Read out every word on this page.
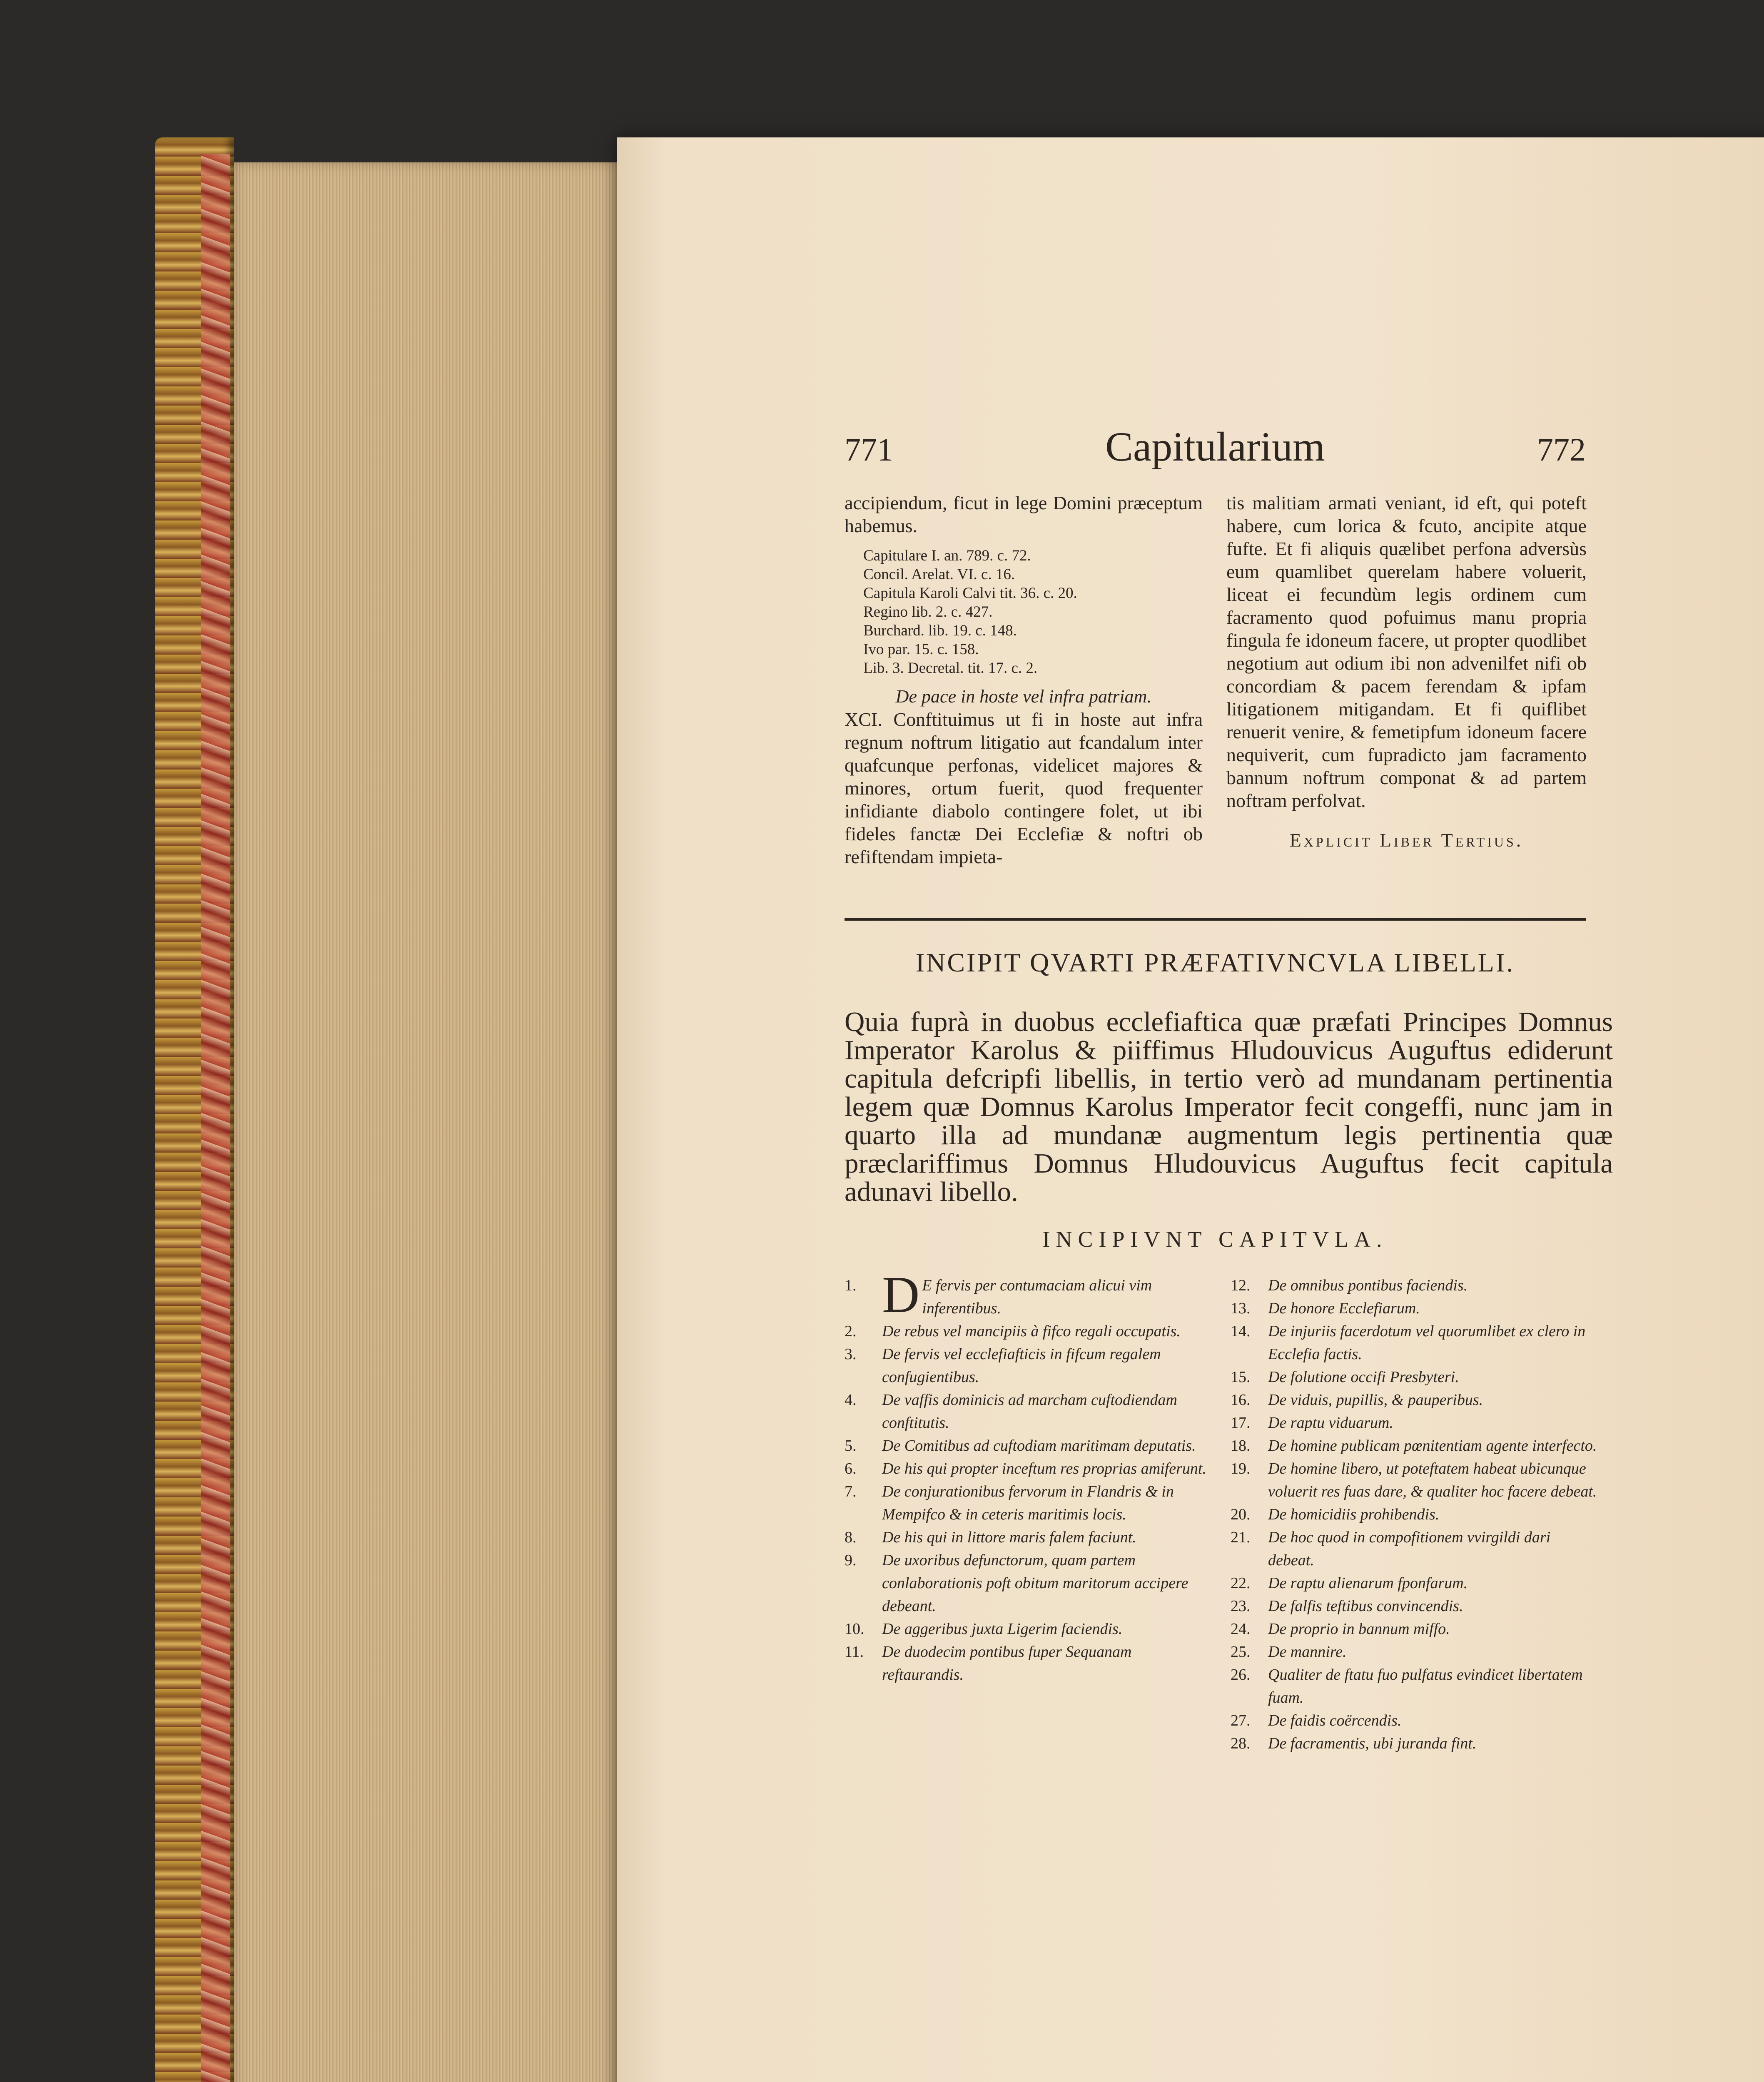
771	Capitularium	772
accipiendum, ficut in lege Domini præceptum habemus.
Capitulare I. an. 789. c. 72.
Concil. Arelat. VI. c. 16.
Capitula Karoli Calvi tit. 36. c. 20.
Regino lib. 2. c. 427.
Burchard. lib. 19. c. 148.
Ivo par. 15. c. 158.
Lib. 3. Decretal. tit. 17. c. 2.
De pace in hoste vel infra patriam.
XCI. Conftituimus ut fi in hoste aut infra regnum noftrum litigatio aut fcandalum inter quafcunque perfonas, videlicet majores & minores, ortum fuerit, quod frequenter infidiante diabolo contingere folet, ut ibi fideles fanctæ Dei Ecclefiæ & noftri ob refiftendam impieta-
tis malitiam armati veniant, id eft, qui poteft habere, cum lorica & fcuto, ancipite atque fufte. Et fi aliquis quælibet perfona adversùs eum quamlibet querelam habere voluerit, liceat ei fecundùm legis ordinem cum facramento quod pofuimus manu propria fingula fe idoneum facere, ut propter quodlibet negotium aut odium ibi non advenilfet nifi ob concordiam & pacem ferendam & ipfam litigationem mitigandam. Et fi quiflibet renuerit venire, & femetipfum idoneum facere nequiverit, cum fupradicto jam facramento bannum noftrum componat & ad partem noftram perfolvat.
Explicit Liber Tertius.
INCIPIT QVARTI PRÆFATIVNCVLA LIBELLI.
Quia fuprà in duobus ecclefiaftica quæ præfati Principes Domnus Imperator Karolus & piiffimus Hludouvicus Auguftus ediderunt capitula defcripfi libellis, in tertio verò ad mundanam pertinentia legem quæ Domnus Karolus Imperator fecit congeffi, nunc jam in quarto illa ad mundanæ augmentum legis pertinentia quæ præclariffimus Domnus Hludouvicus Auguftus fecit capitula adunavi libello.
INCIPIVNT CAPITVLA.
1. D E fervis per contumaciam alicui vim inferentibus.
2.	De rebus vel mancipiis à fifco regali occupatis.
3.	De fervis vel ecclefiafticis in fifcum regalem confugientibus.
4.	De vaffis dominicis ad marcham cuftodiendam conftitutis.
5.	De Comitibus ad cuftodiam maritimam deputatis.
6.	De his qui propter inceftum res proprias amiferunt.
7.	De conjurationibus fervorum in Flandris & in Mempifco & in ceteris maritimis locis.
8.	De his qui in littore maris falem faciunt.
9.	De uxoribus defunctorum, quam partem conlaborationis poft obitum maritorum accipere debeant.
10.	De aggeribus juxta Ligerim faciendis.
11.	De duodecim pontibus fuper Sequanam reftaurandis.
12.	De omnibus pontibus faciendis.
13.	De honore Ecclefiarum.
14.	De injuriis facerdotum vel quorumlibet ex clero in Ecclefia factis.
15.	De folutione occifi Presbyteri.
16.	De viduis, pupillis, & pauperibus.
17.	De raptu viduarum.
18.	De homine publicam pœnitentiam agente interfecto.
19.	De homine libero, ut poteftatem habeat ubicunque voluerit res fuas dare, & qualiter hoc facere debeat.
20.	De homicidiis prohibendis.
21.	De hoc quod in compofitionem vvirgildi dari debeat.
22.	De raptu alienarum fponfarum.
23.	De falfis teftibus convincendis.
24.	De proprio in bannum miffo.
25.	De mannire.
26.	Qualiter de ftatu fuo pulfatus evindicet libertatem fuam.
27.	De faidis coërcendis.
28.	De facramentis, ubi juranda fint.
